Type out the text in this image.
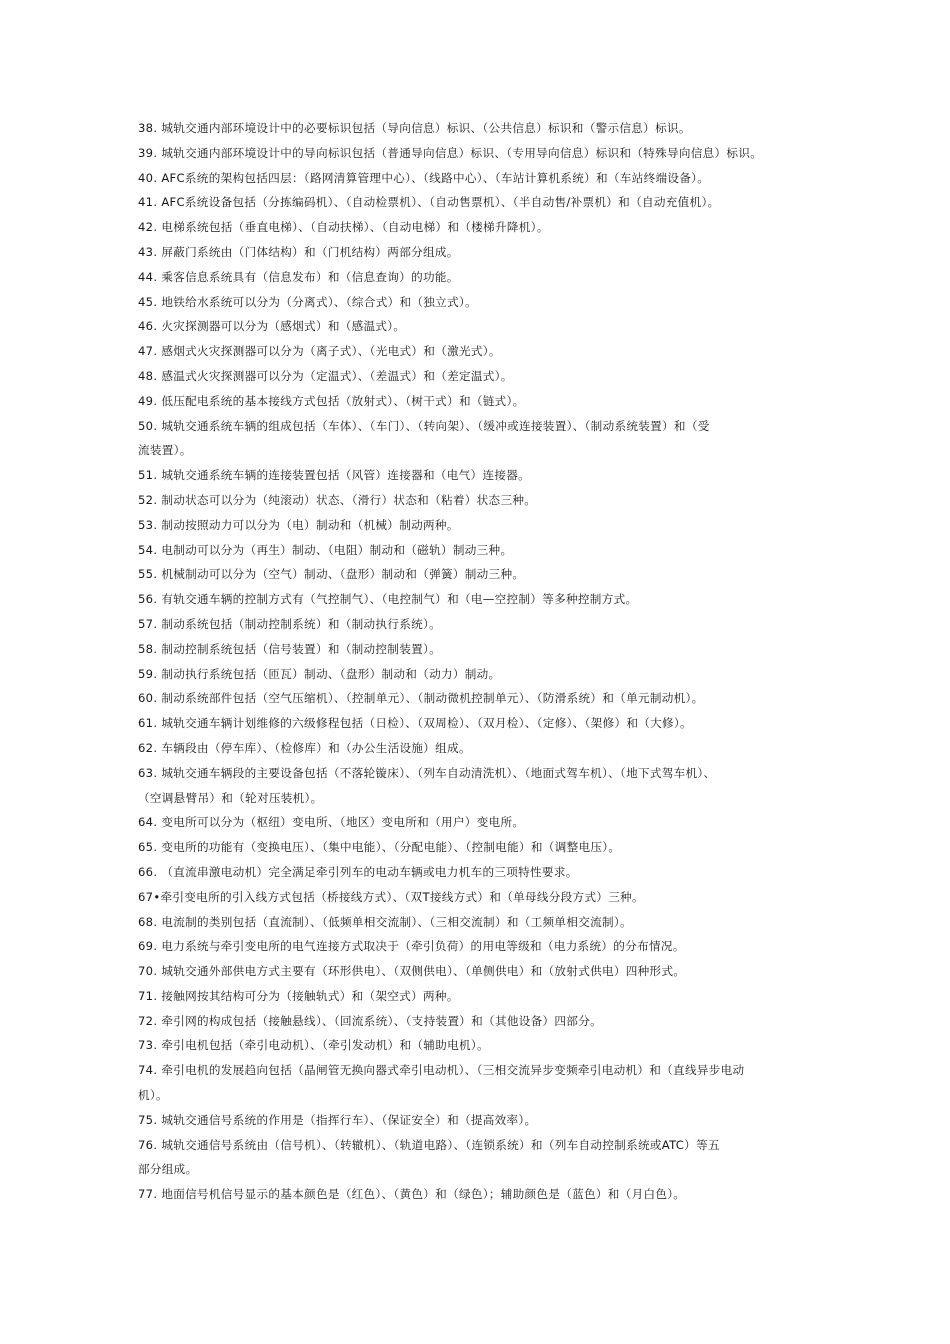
38. 城轨交通内部环境设计中的必要标识包括（导向信息）标识、（公共信息）标识和（警示信息）标识。
39. 城轨交通内部环境设计中的导向标识包括（普通导向信息）标识、（专用导向信息）标识和（特殊导向信息）标识。
40. AFC系统的架构包括四层：（路网清算管理中心）、（线路中心）、（车站计算机系统）和（车站终端设备）。
41. AFC系统设备包括（分拣编码机）、（自动检票机）、（自动售票机）、（半自动售/补票机）和（自动充值机）。
42. 电梯系统包括（垂直电梯）、（自动扶梯）、（自动电梯）和（楼梯升降机）。
43. 屏蔽门系统由（门体结构）和（门机结构）两部分组成。
44. 乘客信息系统具有（信息发布）和（信息查询）的功能。
45. 地铁给水系统可以分为（分离式）、（综合式）和（独立式）。
46. 火灾探测器可以分为（感烟式）和（感温式）。
47. 感烟式火灾探测器可以分为（离子式）、（光电式）和（激光式）。
48. 感温式火灾探测器可以分为（定温式）、（差温式）和（差定温式）。
49. 低压配电系统的基本接线方式包括（放射式）、（树干式）和（链式）。
50. 城轨交通系统车辆的组成包括（车体）、（车门）、（转向架）、（缓冲或连接装置）、（制动系统装置）和（受
流装置）。
51. 城轨交通系统车辆的连接装置包括（风管）连接器和（电气）连接器。
52. 制动状态可以分为（纯滚动）状态、（滑行）状态和（粘着）状态三种。
53. 制动按照动力可以分为（电）制动和（机械）制动两种。
54. 电制动可以分为（再生）制动、（电阻）制动和（磁轨）制动三种。
55. 机械制动可以分为（空气）制动、（盘形）制动和（弹簧）制动三种。
56. 有轨交通车辆的控制方式有（气控制气）、（电控制气）和（电—空控制）等多种控制方式。
57. 制动系统包括（制动控制系统）和（制动执行系统）。
58. 制动控制系统包括（信号装置）和（制动控制装置）。
59. 制动执行系统包括（匝瓦）制动、（盘形）制动和（动力）制动。
60. 制动系统部件包括（空气压缩机）、（控制单元）、（制动微机控制单元）、（防滑系统）和（单元制动机）。
61. 城轨交通车辆计划维修的六级修程包括（日检）、（双周检）、（双月检）、（定修）、（架修）和（大修）。
62. 车辆段由（停车库）、（检修库）和（办公生活设施）组成。
63. 城轨交通车辆段的主要设备包括（不落轮镟床）、（列车自动清洗机）、（地面式驾车机）、（地下式驾车机）、
（空调悬臂吊）和（轮对压装机）。
64. 变电所可以分为（枢纽）变电所、（地区）变电所和（用户）变电所。
65. 变电所的功能有（变换电压）、（集中电能）、（分配电能）、（控制电能）和（调整电压）。
66. （直流串激电动机）完全满足牵引列车的电动车辆或电力机车的三项特性要求。
67•牵引变电所的引入线方式包括（桥接线方式）、（双T接线方式）和（单母线分段方式）三种。
68. 电流制的类别包括（直流制）、（低频单相交流制）、（三相交流制）和（工频单相交流制）。
69. 电力系统与牵引变电所的电气连接方式取决于（牵引负荷）的用电等级和（电力系统）的分布情况。
70. 城轨交通外部供电方式主要有（环形供电）、（双侧供电）、（单侧供电）和（放射式供电）四种形式。
71. 接触网按其结构可分为（接触轨式）和（架空式）两种。
72. 牵引网的构成包括（接触悬线）、（回流系统）、（支持装置）和（其他设备）四部分。
73. 牵引电机包括（牵引电动机）、（牵引发动机）和（辅助电机）。
74. 牵引电机的发展趋向包括（晶闸管无换向器式牵引电动机）、（三相交流异步变频牵引电动机）和（直线异步电动
机）。
75. 城轨交通信号系统的作用是（指挥行车）、（保证安全）和（提高效率）。
76. 城轨交通信号系统由（信号机）、（转辙机）、（轨道电路）、（连锁系统）和（列车自动控制系统或ATC）等五
部分组成。
77. 地面信号机信号显示的基本颜色是（红色）、（黄色）和（绿色）；辅助颜色是（蓝色）和（月白色）。
